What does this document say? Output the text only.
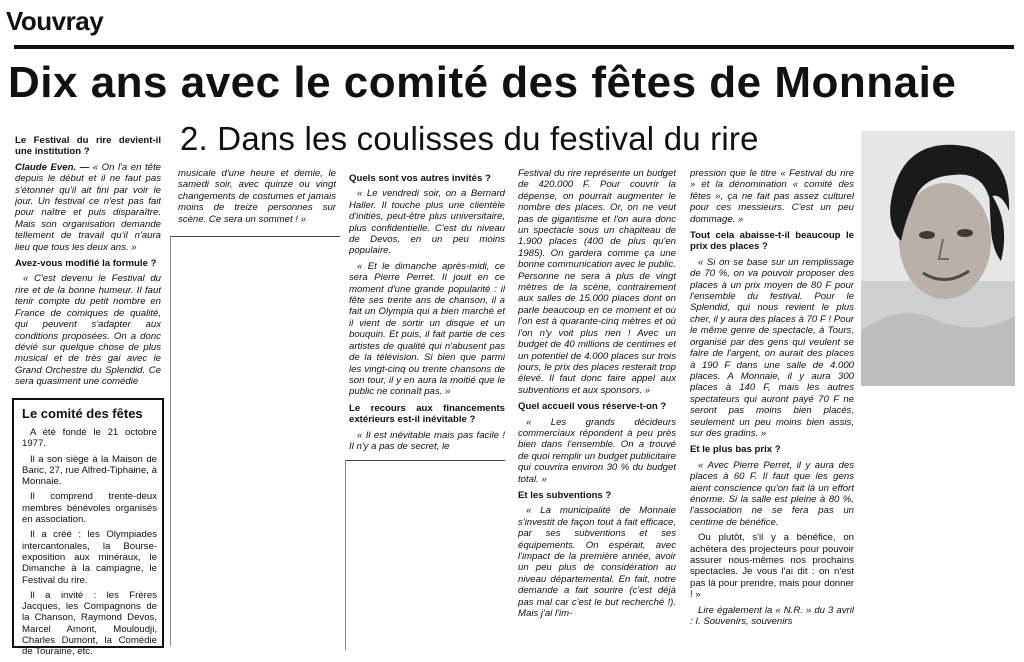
Vouvray
Dix ans avec le comité des fêtes de Monnaie
2. Dans les coulisses du festival du rire

Le Festival du rire devient-il une institution ?

Claude Even. — « On l'a en tête depuis le début et il ne faut pas s'étonner qu'il ait fini par voir le jour. Un festival ce n'est pas fait pour naître et puis disparaître. Mais son organisation demande tellement de travail qu'il n'aura lieu que tous les deux ans. »

Avez-vous modifié la formule ?

« C'est devenu le Festival du rire et de la bonne humeur. Il faut tenir compte du petit nombre en France de comiques de qualité, qui peuvent s'adapter aux conditions proposées. On a donc dévié sur quelque chose de plus musical et de très gai avec le Grand Orchestre du Splendid. Ce sera quasiment une comédie

Le comité des fêtes

A été fondé le 21 octobre 1977.

Il a son siège à la Maison de Baric, 27, rue Alfred-Tiphaine, à Monnaie.

Il comprend trente-deux membres bénévoles organisés en association.

Il a créé : les Olympiades intercantonales, la Bourse-exposition aux minéraux, le Dimanche à la campagne, le Festival du rire.

Il a invité : les Frères Jacques, les Compagnons de la Chanson, Raymond Devos, Marcel Amont, Mouloudji, Charles Dumont, la Comédie de Touraine, etc.

musicale d'une heure et demie, le samedi soir, avec quinze ou vingt changements de costumes et jamais moins de treize personnes sur scène. Ce sera un sommet ! »

Quels sont vos autres invités ?

« Le vendredi soir, on a Bernard Haller. Il touche plus une clientèle d'initiés, peut-être plus universitaire, plus confidentielle. C'est du niveau de Devos, en un peu moins populaire.

« Et le dimanche après-midi, ce sera Pierre Perret. Il jouit en ce moment d'une grande popularité : il fête ses trente ans de chanson, il a fait un Olympia qui a bien marché et il vient de sortir un disque et un bouquin. Et puis, il fait partie de ces artistes de qualité qui n'abusent pas de la télévision. Si bien que parmi les vingt-cinq ou trente chansons de son tour, il y en aura la moitié que le public ne connaît pas. »

Le recours aux financements extérieurs est-il inévitable ?

« Il est inévitable mais pas facile ! Il n'y a pas de secret, le

Festival du rire représente un budget de 420.000 F. Pour couvrir la dépense, on pourrait augmenter le nombre des places. Or, on ne veut pas de gigantisme et l'on aura donc un spectacle sous un chapiteau de 1.900 places (400 de plus qu'en 1985). On gardera comme ça une bonne communication avec le public. Personne ne sera à plus de vingt mètres de la scène, contrairement aux salles de 15.000 places dont on parle beaucoup en ce moment et où l'on est à quarante-cinq mètres et où l'on n'y voit plus rien ! Avec un budget de 40 millions de centimes et un potentiel de 4.000 places sur trois jours, le prix des places resterait trop élevé. Il faut donc faire appel aux subventions et aux sponsors. »

Quel accueil vous réserve-t-on ?

« Les grands décideurs commerciaux répondent à peu près bien dans l'ensemble. On a trouvé de quoi remplir un budget publicitaire qui couvrira environ 30 % du budget total. »

Et les subventions ?

« La municipalité de Monnaie s'investit de façon tout à fait efficace, par ses subventions et ses équipements. On espérait, avec l'impact de la première année, avoir un peu plus de considération au niveau départemental. En fait, notre demande a fait sourire (c'est déjà pas mal car c'est le but recherché !). Mais j'ai l'im-

pression que le titre « Festival du rire » et la dénomination « comité des fêtes », ça ne fait pas assez culturel pour ces messieurs. C'est un peu dommage. »

Tout cela abaisse-t-il beaucoup le prix des places ?

« Si on se base sur un remplissage de 70 %, on va pouvoir proposer des places à un prix moyen de 80 F pour l'ensemble du festival. Pour le Splendid, qui nous revient le plus cher, il y aura des places à 70 F ! Pour le même genre de spectacle, à Tours, organisé par des gens qui veulent se faire de l'argent, on aurait des places à 190 F dans une salle de 4.000 places. A Monnaie, il y aura 300 places à 140 F, mais les autres spectateurs qui auront payé 70 F ne seront pas moins bien placés, seulement un peu moins bien assis, sur des gradins. »

Et le plus bas prix ?

« Avec Pierre Perret, il y aura des places à 60 F. Il faut que les gens aient conscience qu'on fait là un effort énorme. Si la salle est pleine à 80 %, l'association ne se fera pas un centime de bénéfice.

Ou plutôt, s'il y a bénéfice, on achètera des projecteurs pour pouvoir assurer nous-mêmes nos prochains spectacles. Je vous l'ai dit : on n'est pas là pour prendre, mais pour donner ! »

Lire également la « N.R. » du 3 avril : I. Souvenirs, souvenirs
